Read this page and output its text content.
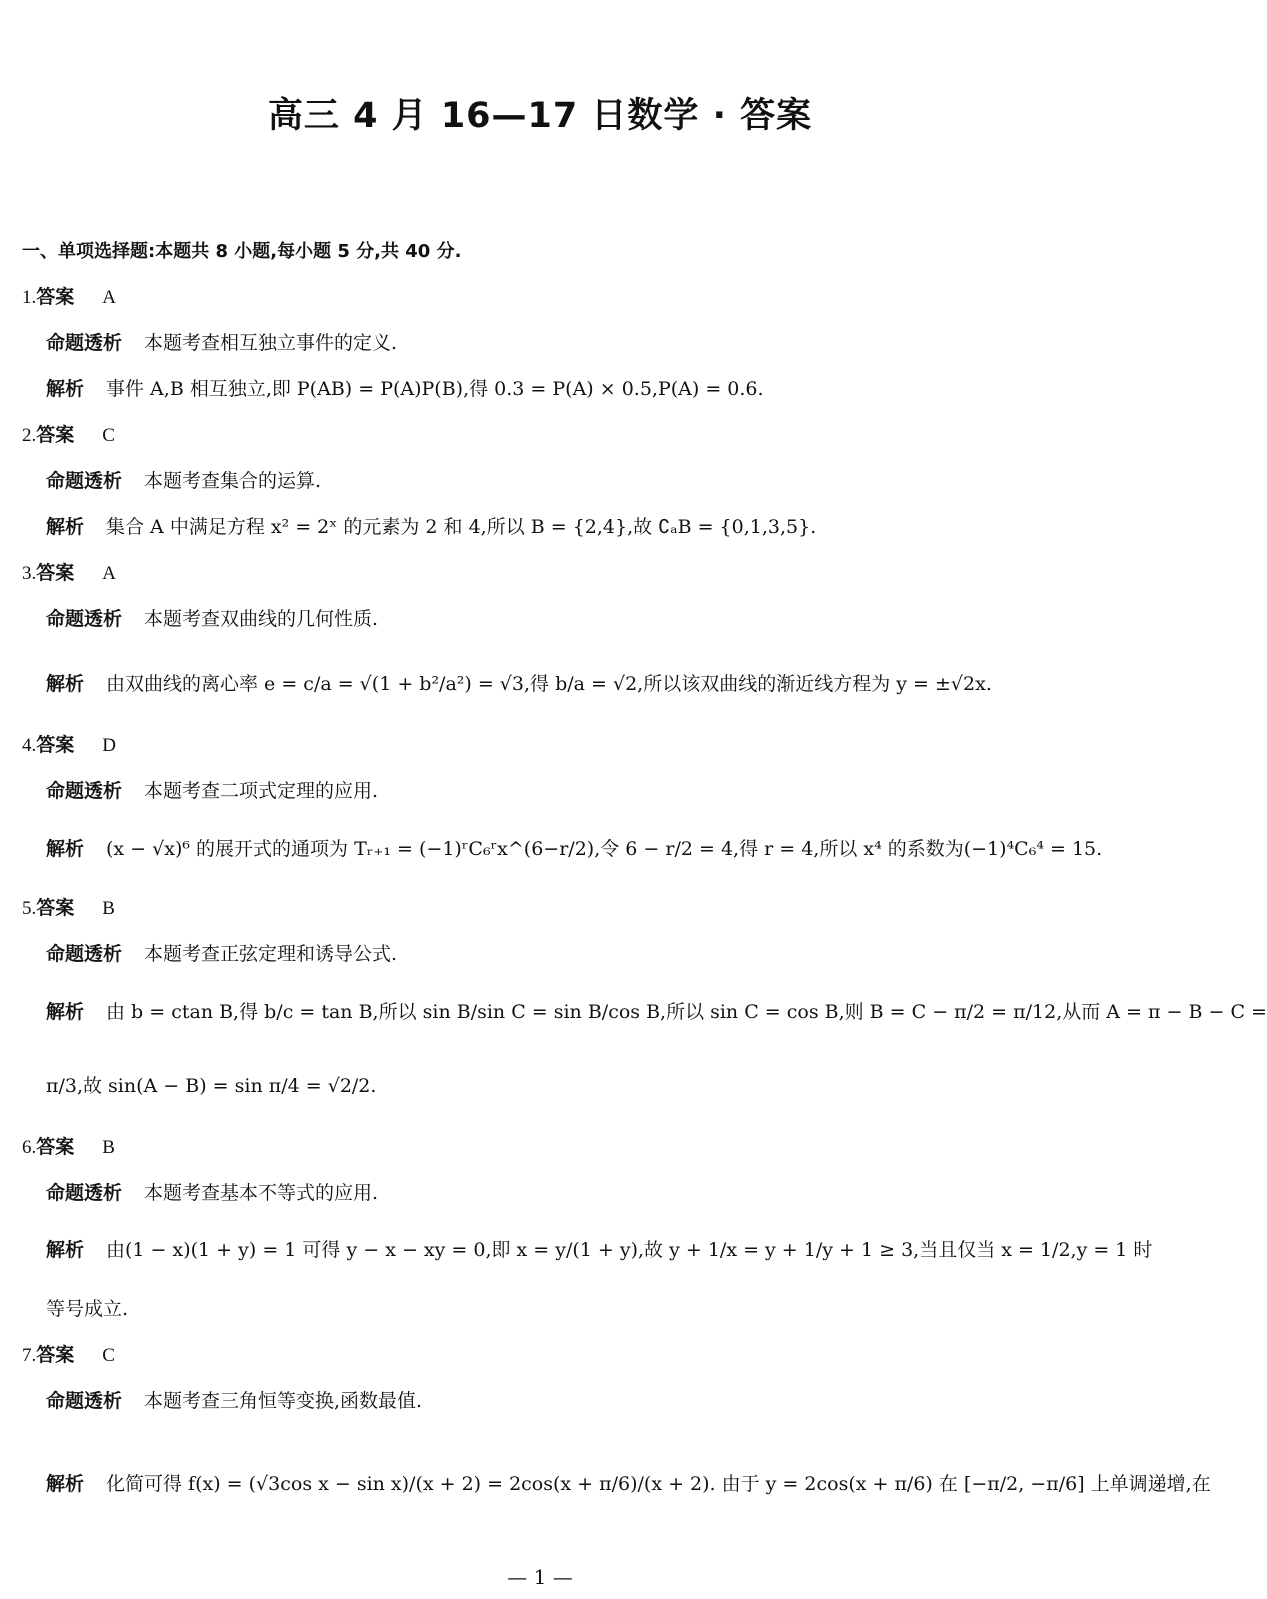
高三 4 月 16—17 日数学 · 答案
一、单项选择题:本题共 8 小题,每小题 5 分,共 40 分.
1.答案 A
命题透析 本题考查相互独立事件的定义.
解析 事件 A,B 相互独立,即 P(AB) = P(A)P(B),得 0.3 = P(A) × 0.5,P(A) = 0.6.
2.答案 C
命题透析 本题考查集合的运算.
解析 集合 A 中满足方程 x² = 2ˣ 的元素为 2 和 4,所以 B = {2,4},故 ∁ₐB = {0,1,3,5}.
3.答案 A
命题透析 本题考查双曲线的几何性质.
解析 由双曲线的离心率 e = c/a = √(1 + b²/a²) = √3,得 b/a = √2,所以该双曲线的渐近线方程为 y = ±√2x.
4.答案 D
命题透析 本题考查二项式定理的应用.
解析 (x − √x)⁶ 的展开式的通项为 Tᵣ₊₁ = (−1)ʳC₆ʳx^(6−r/2),令 6 − r/2 = 4,得 r = 4,所以 x⁴ 的系数为(−1)⁴C₆⁴ = 15.
5.答案 B
命题透析 本题考查正弦定理和诱导公式.
解析 由 b = ctan B,得 b/c = tan B,所以 sin B/sin C = sin B/cos B,所以 sin C = cos B,则 B = C − π/2 = π/12,从而 A = π − B − C =
π/3,故 sin(A − B) = sin π/4 = √2/2.
6.答案 B
命题透析 本题考查基本不等式的应用.
解析 由(1 − x)(1 + y) = 1 可得 y − x − xy = 0,即 x = y/(1 + y),故 y + 1/x = y + 1/y + 1 ≥ 3,当且仅当 x = 1/2,y = 1 时
等号成立.
7.答案 C
命题透析 本题考查三角恒等变换,函数最值.
解析 化简可得 f(x) = (√3cos x − sin x)/(x + 2) = 2cos(x + π/6)/(x + 2). 由于 y = 2cos(x + π/6) 在 [−π/2, −π/6] 上单调递增,在
— 1 —
